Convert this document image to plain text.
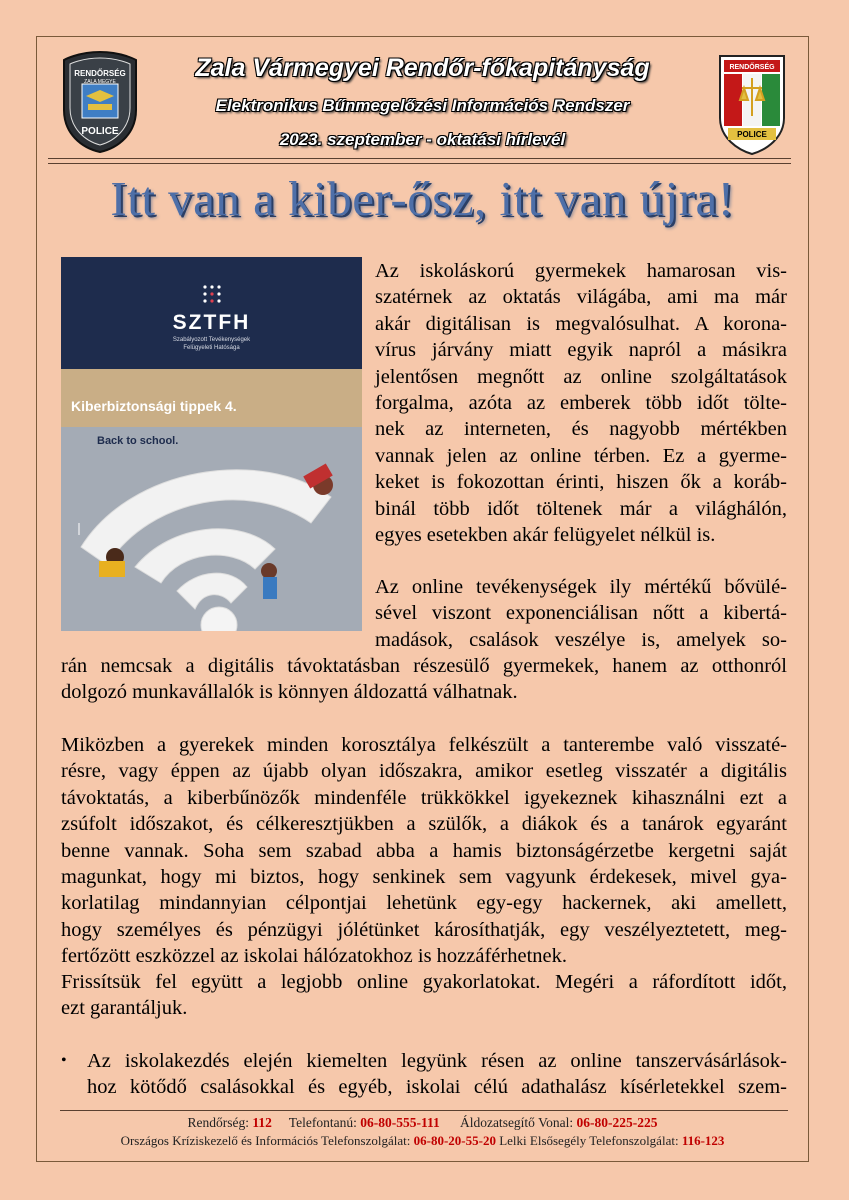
RENDŐRSÉG
ZALA MEGYE
POLICE
Zala Vármegyei Rendőr-főkapitányság
Elektronikus Bűnmegelőzési Információs Rendszer
2023. szeptember - oktatási hírlevél
RENDŐRSÉG
POLICE
Itt van a kiber-ősz, itt van újra!
SZTFH
Szabályozott Tevékenységek
Felügyeleti Hatósága
Kiberbiztonsági tippek 4.
Back to school.
Az iskoláskorú gyermekek hamarosan vis-
szatérnek az oktatás világába, ami ma már
akár digitálisan is megvalósulhat. A korona-
vírus járvány miatt egyik napról a másikra
jelentősen megnőtt az online szolgáltatások
forgalma, azóta az emberek több időt tölte-
nek az interneten, és nagyobb mértékben
vannak jelen az online térben. Ez a gyerme-
keket is fokozottan érinti, hiszen ők a koráb-
binál több időt töltenek már a világhálón,
egyes esetekben akár felügyelet nélkül is.
Az online tevékenységek ily mértékű bővülé-
sével viszont exponenciálisan nőtt a kibertá-
madások, csalások veszélye is, amelyek so-
rán nemcsak a digitális távoktatásban részesülő gyermekek, hanem az otthonról
dolgozó munkavállalók is könnyen áldozattá válhatnak.
Miközben a gyerekek minden korosztálya felkészült a tanterembe való visszaté-
résre, vagy éppen az újabb olyan időszakra, amikor esetleg visszatér a digitális
távoktatás, a kiberbűnözők mindenféle trükkökkel igyekeznek kihasználni ezt a
zsúfolt időszakot, és célkeresztjükben a szülők, a diákok és a tanárok egyaránt
benne vannak. Soha sem szabad abba a hamis biztonságérzetbe kergetni saját
magunkat, hogy mi biztos, hogy senkinek sem vagyunk érdekesek, mivel gya-
korlatilag mindannyian célpontjai lehetünk egy-egy hackernek, aki amellett,
hogy személyes és pénzügyi jólétünket károsíthatják, egy veszélyeztetett, meg-
fertőzött eszközzel az iskolai hálózatokhoz is hozzáférhetnek.
Frissítsük fel együtt a legjobb online gyakorlatokat. Megéri a ráfordított időt,
ezt garantáljuk.
• Az iskolakezdés elején kiemelten legyünk résen az online tanszervásárlások-
hoz kötődő csalásokkal és egyéb, iskolai célú adathalász kísérletekkel szem-
Rendőrség: 112 Telefontanú: 06-80-555-111 Áldozatsegítő Vonal: 06-80-225-225
Országos Kríziskezelő és Információs Telefonszolgálat: 06-80-20-55-20 Lelki Elsősegély Telefonszolgálat: 116-123
